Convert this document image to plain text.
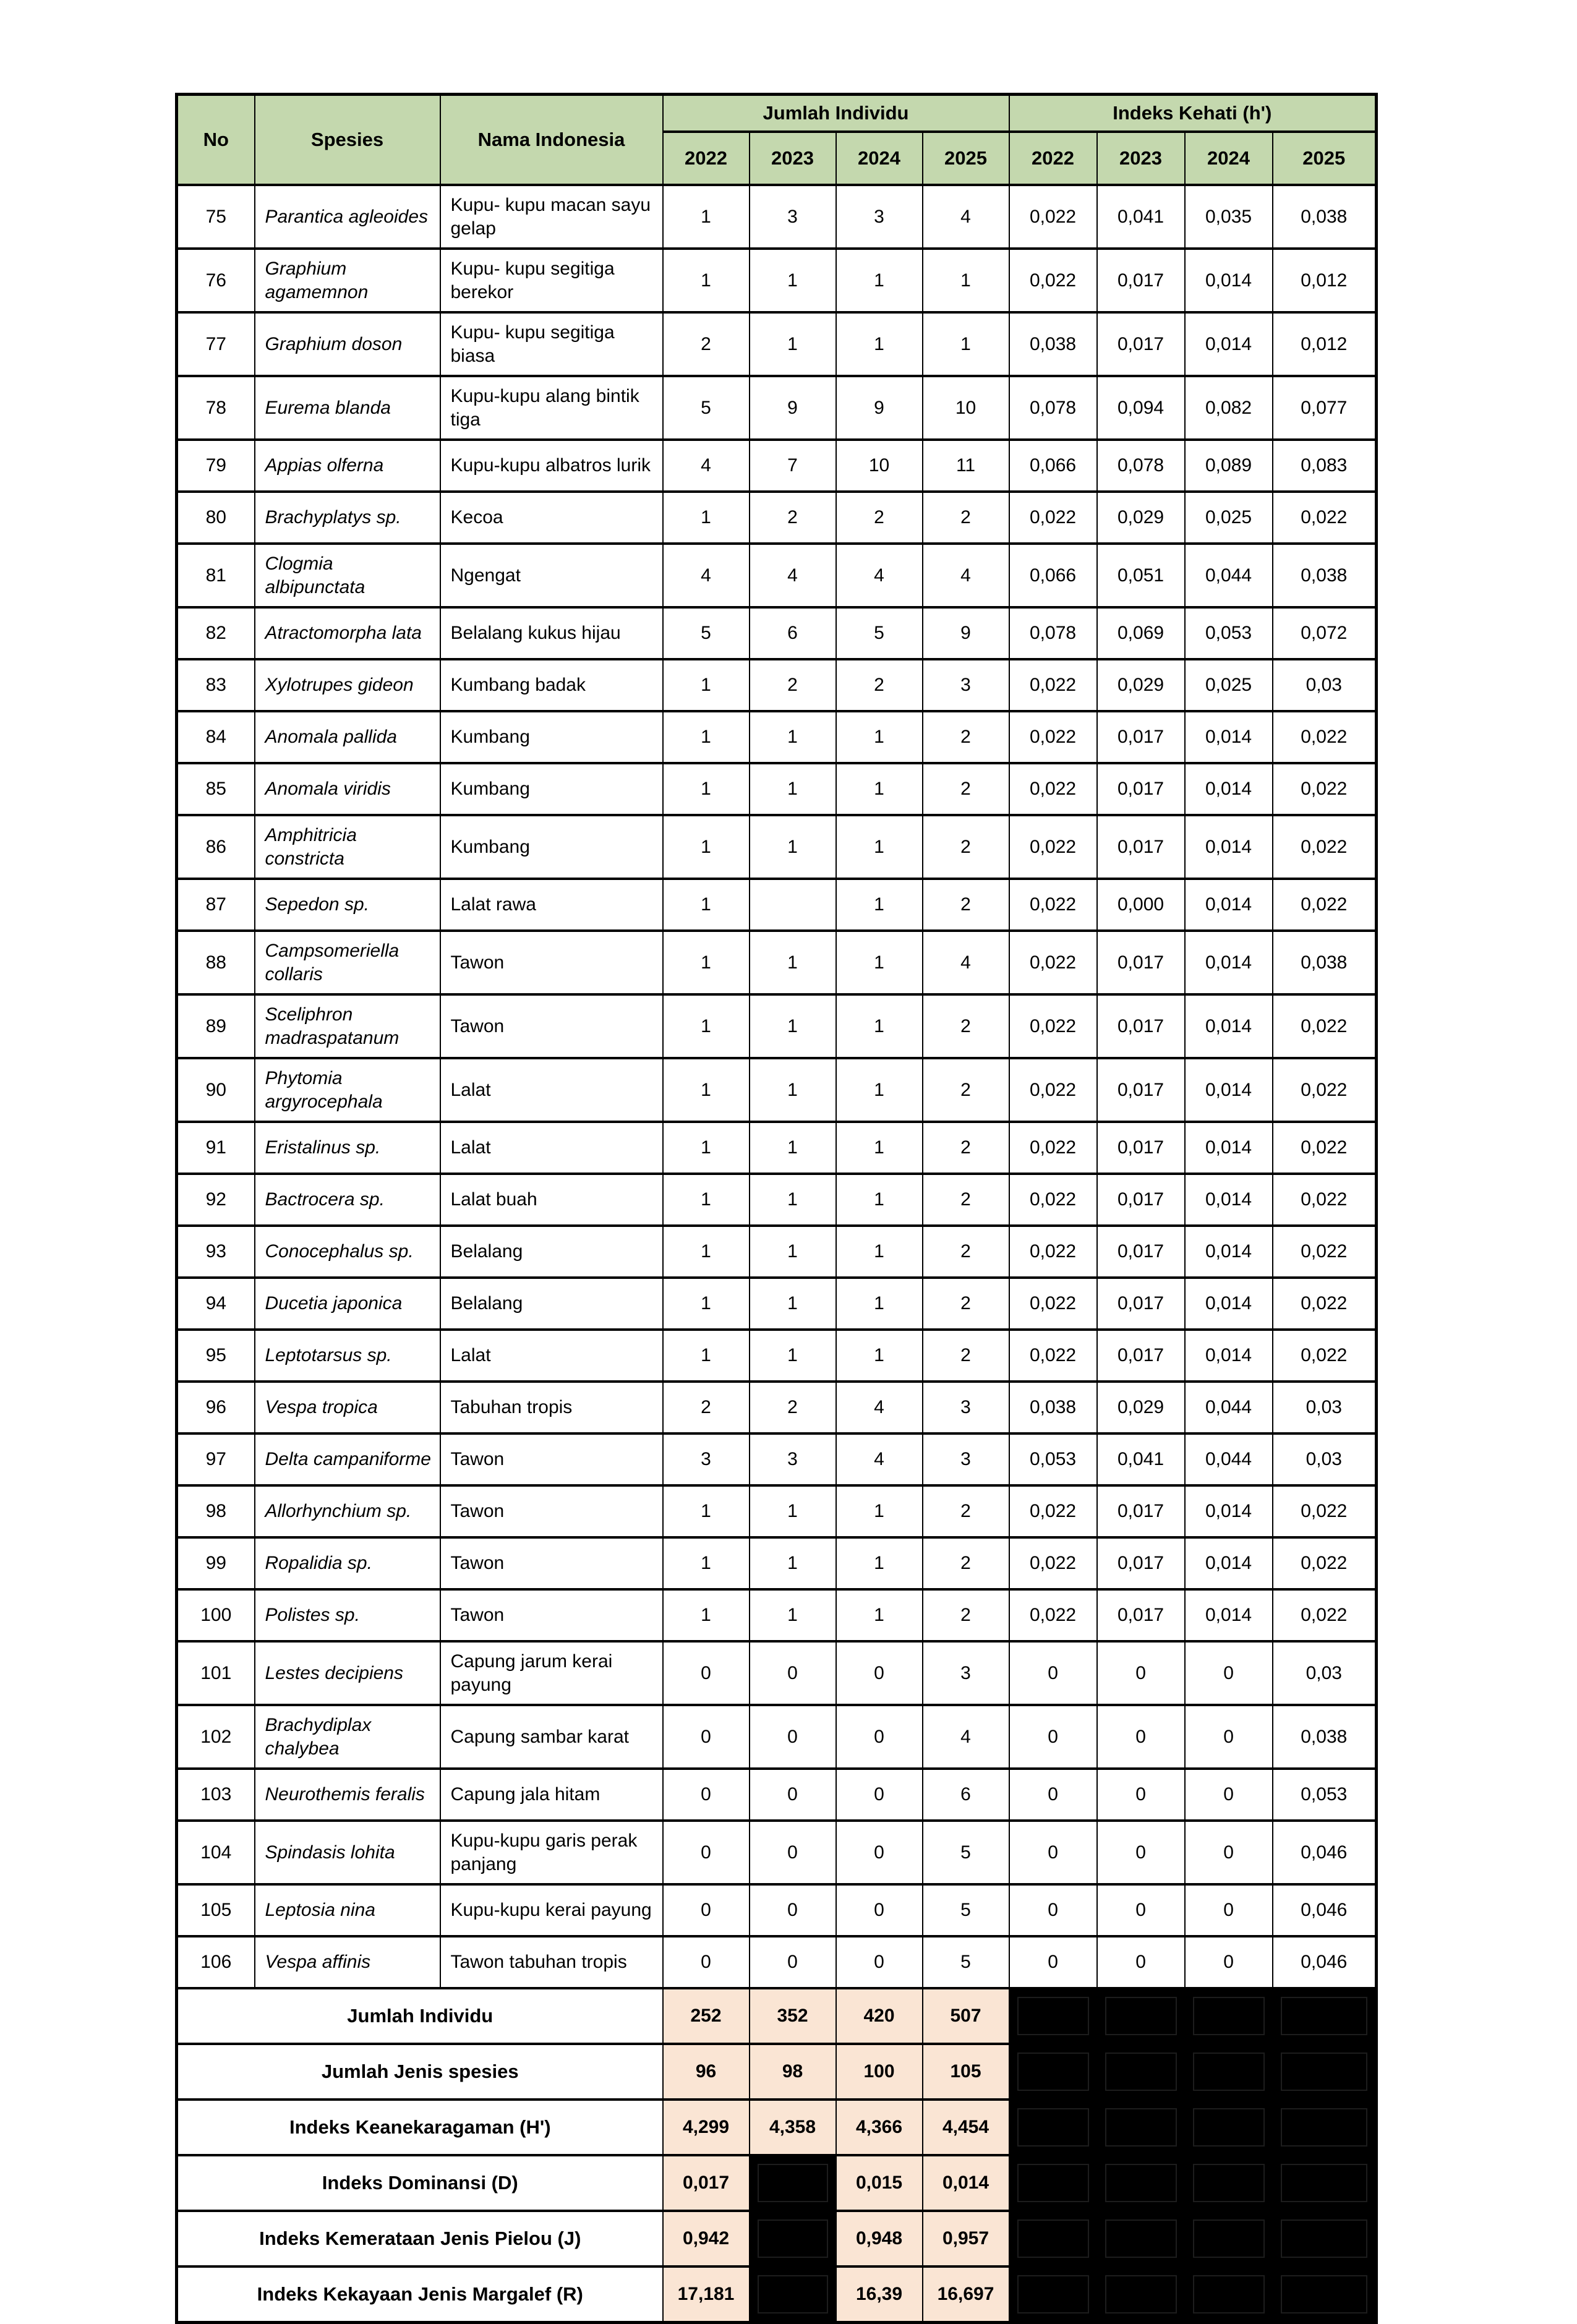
No	Spesies	Nama Indonesia	Jumlah Individu				Indeks Kehati (h')			
			2022	2023	2024	2025	2022	2023	2024	2025
75	Parantica agleoides	Kupu- kupu macan sayu gelap	1	3	3	4	0,022	0,041	0,035	0,038
76	Graphium agamemnon	Kupu- kupu segitiga berekor	1	1	1	1	0,022	0,017	0,014	0,012
77	Graphium doson	Kupu- kupu segitiga biasa	2	1	1	1	0,038	0,017	0,014	0,012
78	Eurema blanda	Kupu-kupu alang bintik tiga	5	9	9	10	0,078	0,094	0,082	0,077
79	Appias olferna	Kupu-kupu albatros lurik	4	7	10	11	0,066	0,078	0,089	0,083
80	Brachyplatys sp.	Kecoa	1	2	2	2	0,022	0,029	0,025	0,022
81	Clogmia albipunctata	Ngengat	4	4	4	4	0,066	0,051	0,044	0,038
82	Atractomorpha lata	Belalang kukus hijau	5	6	5	9	0,078	0,069	0,053	0,072
83	Xylotrupes gideon	Kumbang badak	1	2	2	3	0,022	0,029	0,025	0,03
84	Anomala pallida	Kumbang	1	1	1	2	0,022	0,017	0,014	0,022
85	Anomala viridis	Kumbang	1	1	1	2	0,022	0,017	0,014	0,022
86	Amphitricia constricta	Kumbang	1	1	1	2	0,022	0,017	0,014	0,022
87	Sepedon sp.	Lalat rawa	1		1	2	0,022	0,000	0,014	0,022
88	Campsomeriella collaris	Tawon	1	1	1	4	0,022	0,017	0,014	0,038
89	Sceliphron madraspatanum	Tawon	1	1	1	2	0,022	0,017	0,014	0,022
90	Phytomia argyrocephala	Lalat	1	1	1	2	0,022	0,017	0,014	0,022
91	Eristalinus sp.	Lalat	1	1	1	2	0,022	0,017	0,014	0,022
92	Bactrocera sp.	Lalat buah	1	1	1	2	0,022	0,017	0,014	0,022
93	Conocephalus sp.	Belalang	1	1	1	2	0,022	0,017	0,014	0,022
94	Ducetia japonica	Belalang	1	1	1	2	0,022	0,017	0,014	0,022
95	Leptotarsus sp.	Lalat	1	1	1	2	0,022	0,017	0,014	0,022
96	Vespa tropica	Tabuhan tropis	2	2	4	3	0,038	0,029	0,044	0,03
97	Delta campaniforme	Tawon	3	3	4	3	0,053	0,041	0,044	0,03
98	Allorhynchium sp.	Tawon	1	1	1	2	0,022	0,017	0,014	0,022
99	Ropalidia sp.	Tawon	1	1	1	2	0,022	0,017	0,014	0,022
100	Polistes sp.	Tawon	1	1	1	2	0,022	0,017	0,014	0,022
101	Lestes decipiens	Capung jarum kerai payung	0	0	0	3	0	0	0	0,03
102	Brachydiplax chalybea	Capung sambar karat	0	0	0	4	0	0	0	0,038
103	Neurothemis feralis	Capung jala hitam	0	0	0	6	0	0	0	0,053
104	Spindasis lohita	Kupu-kupu garis perak panjang	0	0	0	5	0	0	0	0,046
105	Leptosia nina	Kupu-kupu kerai payung	0	0	0	5	0	0	0	0,046
106	Vespa affinis	Tawon tabuhan tropis	0	0	0	5	0	0	0	0,046
Jumlah Individu			252	352	420	507				
Jumlah Jenis spesies			96	98	100	105				
Indeks Keanekaragaman (H')			4,299	4,358	4,366	4,454				
Indeks Dominansi (D)			0,017		0,015	0,014				
Indeks Kemerataan Jenis Pielou (J)			0,942		0,948	0,957				
Indeks Kekayaan Jenis Margalef (R)			17,181		16,39	16,697				
